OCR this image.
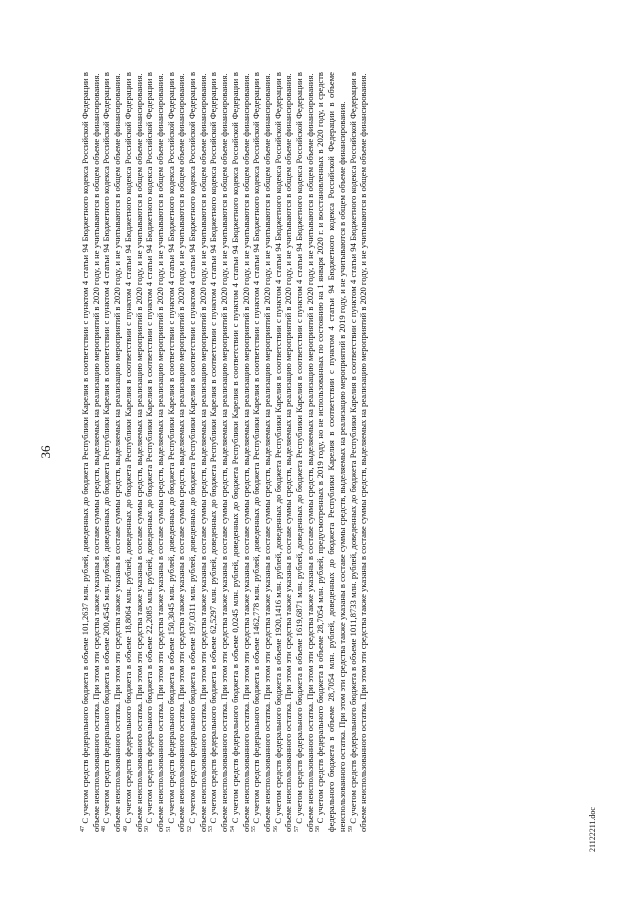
36

$^{47}$ С учетом средств федерального бюджета в объеме 101,2637 млн. рублей, доведенных до бюджета Республики Карелия в соответствии с пунктом 4 статьи 94 Бюджетного кодекса Российской Федерации в объеме неиспользованного остатка. При этом эти средства также указаны в составе суммы средств, выделяемых на реализацию мероприятий в 2020 году, и не учитываются в общем объеме финансирования. $^{48}$ С учетом средств федерального бюджета в объеме 200,4545 млн. рублей, доведенных до бюджета Республики Карелия в соответствии с пунктом 4 статьи 94 Бюджетного кодекса Российской Федерации в объеме неиспользованного остатка. При этом эти средства также указаны в составе суммы средств, выделяемых на реализацию мероприятий в 2020 году, и не учитываются в общем объеме финансирования. $^{49}$ С учетом средств федерального бюджета в объеме 18,8064 млн. рублей, доведенных до бюджета Республики Карелия в соответствии с пунктом 4 статьи 94 Бюджетного кодекса Российской Федерации в объеме неиспользованного остатка. При этом эти средства также указаны в составе суммы средств, выделяемых на реализацию мероприятий в 2020 году, и не учитываются в общем объеме финансирования. $^{50}$ С учетом средств федерального бюджета в объеме 22,2085 млн. рублей, доведенных до бюджета Республики Карелия в соответствии с пунктом 4 статьи 94 Бюджетного кодекса Российской Федерации в объеме неиспользованного остатка. При этом эти средства также указаны в составе суммы средств, выделяемых на реализацию мероприятий в 2020 году, и не учитываются в общем объеме финансирования. $^{51}$ С учетом средств федерального бюджета в объеме 150,3045 млн. рублей, доведенных до бюджета Республики Карелия в соответствии с пунктом 4 статьи 94 Бюджетного кодекса Российской Федерации в объеме неиспользованного остатка. При этом эти средства также указаны в составе суммы средств, выделяемых на реализацию мероприятий в 2020 году, и не учитываются в общем объеме финансирования. $^{52}$ С учетом средств федерального бюджета в объеме 197,0311 млн. рублей, доведенных до бюджета Республики Карелия в соответствии с пунктом 4 статьи 94 Бюджетного кодекса Российской Федерации в объеме неиспользованного остатка. При этом эти средства также указаны в составе суммы средств, выделяемых на реализацию мероприятий в 2020 году, и не учитываются в общем объеме финансирования. $^{53}$ С учетом средств федерального бюджета в объеме 62,5297 млн. рублей, доведенных до бюджета Республики Карелия в соответствии с пунктом 4 статьи 94 Бюджетного кодекса Российской Федерации в объеме неиспользованного остатка. При этом эти средства также указаны в составе суммы средств, выделяемых на реализацию мероприятий в 2020 году, и не учитываются в общем объеме финансирования. $^{54}$ С учетом средств федерального бюджета в объеме 0,0245 млн. рублей, доведенных до бюджета Республики Карелия в соответствии с пунктом 4 статьи 94 Бюджетного кодекса Российской Федерации в объеме неиспользованного остатка. При этом эти средства также указаны в составе суммы средств, выделяемых на реализацию мероприятий в 2020 году, и не учитываются в общем объеме финансирования. $^{55}$ С учетом средств федерального бюджета в объеме 1462,778 млн. рублей, доведенных до бюджета Республики Карелия в соответствии с пунктом 4 статьи 94 Бюджетного кодекса Российской Федерации в объеме неиспользованного остатка. При этом эти средства также указаны в составе суммы средств, выделяемых на реализацию мероприятий в 2020 году, и не учитываются в общем объеме финансирования. $^{56}$ С учетом средств федерального бюджета в объеме 1920,1416 млн. рублей, доведенных до бюджета Республики Карелия в соответствии с пунктом 4 статьи 94 Бюджетного кодекса Российской Федерации в объеме неиспользованного остатка. При этом эти средства также указаны в составе суммы средств, выделяемых на реализацию мероприятий в 2020 году, и не учитываются в общем объеме финансирования. $^{57}$ С учетом средств федерального бюджета в объеме 1619,6871 млн. рублей, доведенных до бюджета Республики Карелия в соответствии с пунктом 4 статьи 94 Бюджетного кодекса Российской Федерации в объеме неиспользованного остатка. При этом эти средства также указаны в составе суммы средств, выделяемых на реализацию мероприятий в 2020 году, и не учитываются в общем объеме финансирования. $^{58}$ С учетом средств федерального бюджета в объеме 28,7054 млн. рублей, предусмотренных в 2019 году, но не использованных по состоянию на 1 января 2020 г. и восстановленных в 2020 году, и средств федерального бюджета в объеме 28,7054 млн. рублей, доведенных до бюджета Республики Карелия в соответствии с пунктом 4 статьи 94 Бюджетного кодекса Российской Федерации в объеме неиспользованного остатка. При этом эти средства также указаны в составе суммы средств, выделяемых на реализацию мероприятий в 2019 году, и не учитываются в общем объеме финансирования. $^{59}$ С учетом средств федерального бюджета в объеме 1011,8733 млн. рублей, доведенных до бюджета Республики Карелия в соответствии с пунктом 4 статьи 94 Бюджетного кодекса Российской Федерации в объеме неиспользованного остатка. При этом эти средства также указаны в составе суммы средств, выделяемых на реализацию мероприятий в 2020 году, и не учитываются в общем объеме финансирования.	21122211.doc
